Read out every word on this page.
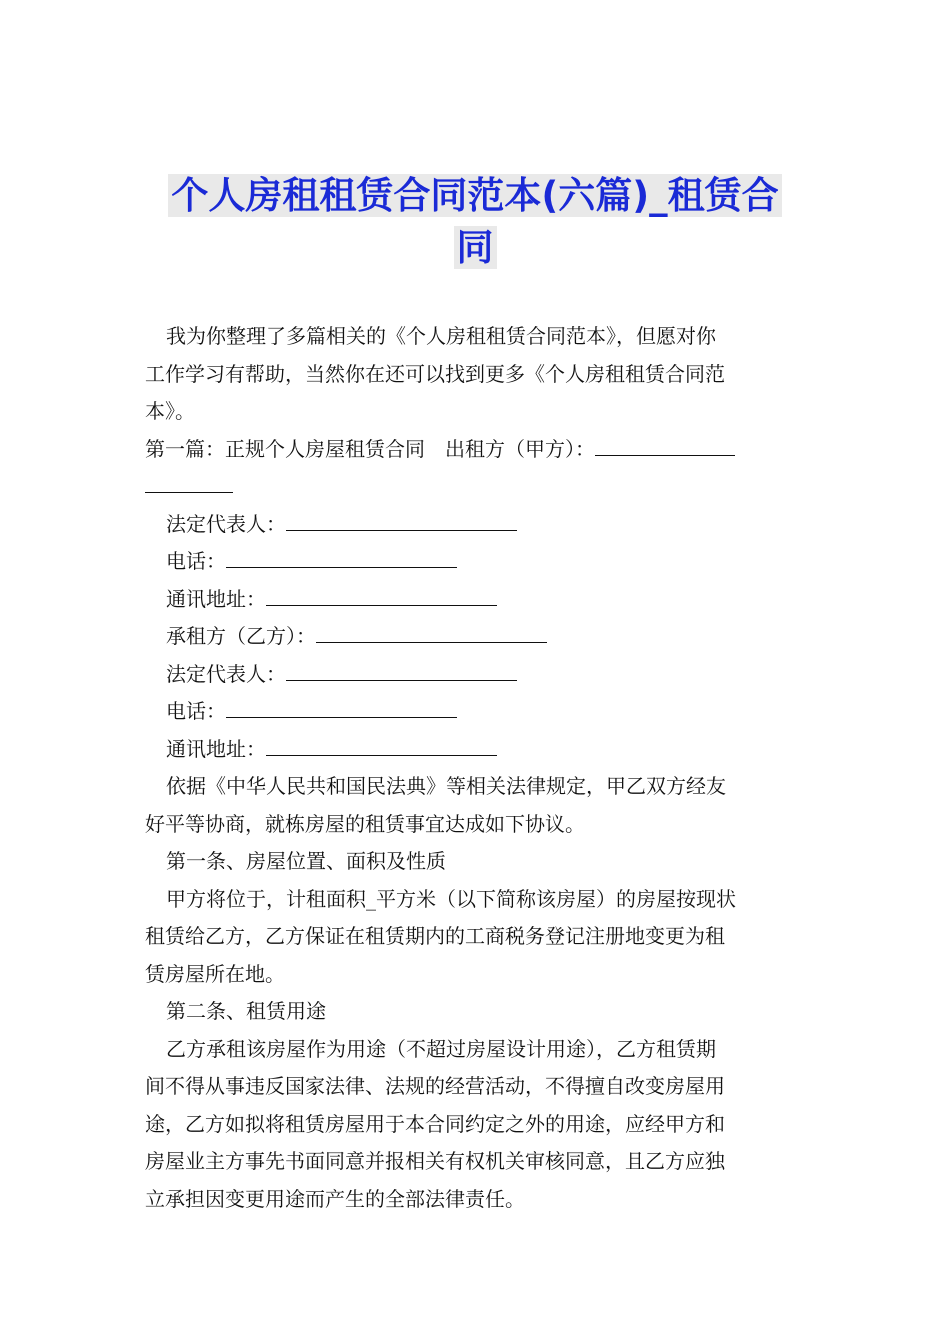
个人房租租赁合同范本(六篇)_租赁合
同

我为你整理了多篇相关的《个人房租租赁合同范本》，但愿对你

工作学习有帮助，当然你在还可以找到更多《个人房租租赁合同范

本》。

第一篇：正规个人房屋租赁合同　出租方（甲方）：

法定代表人：

电话：

通讯地址：

承租方（乙方）：

法定代表人：

电话：

通讯地址：

依据《中华人民共和国民法典》等相关法律规定，甲乙双方经友

好平等协商，就栋房屋的租赁事宜达成如下协议。

第一条、房屋位置、面积及性质

甲方将位于，计租面积_平方米（以下简称该房屋）的房屋按现状

租赁给乙方，乙方保证在租赁期内的工商税务登记注册地变更为租

赁房屋所在地。

第二条、租赁用途

乙方承租该房屋作为用途（不超过房屋设计用途），乙方租赁期

间不得从事违反国家法律、法规的经营活动，不得擅自改变房屋用

途，乙方如拟将租赁房屋用于本合同约定之外的用途，应经甲方和

房屋业主方事先书面同意并报相关有权机关审核同意，且乙方应独

立承担因变更用途而产生的全部法律责任。
